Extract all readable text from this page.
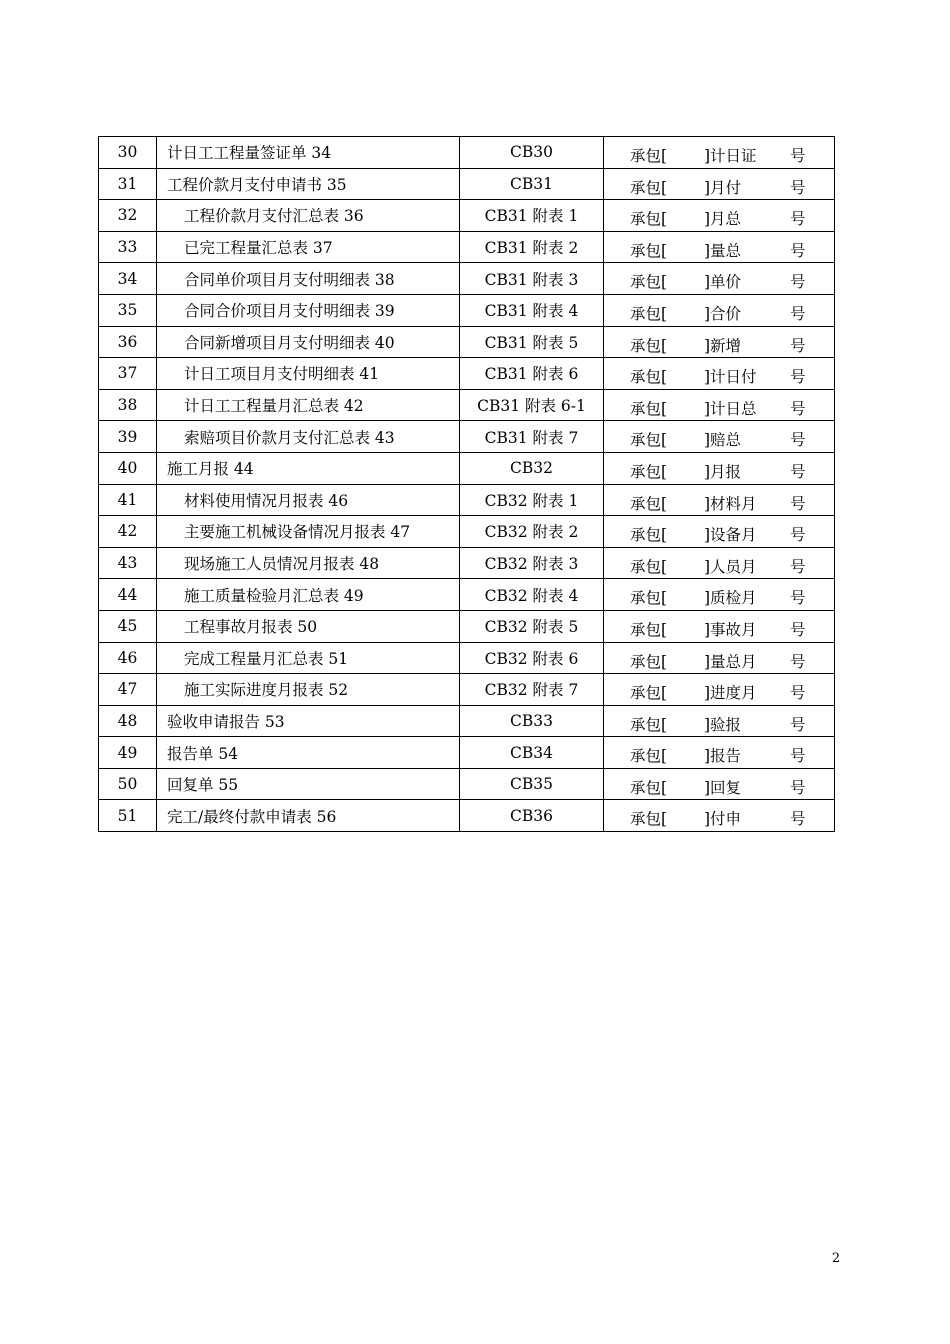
30	计日工工程量签证单 34	CB30	承包[ ]计日证 号

31	工程价款月支付申请书 35	CB31	承包[ ]月付 号

32	工程价款月支付汇总表 36	CB31 附表 1	承包[ ]月总 号

33	已完工程量汇总表 37	CB31 附表 2	承包[ ]量总 号

34	合同单价项目月支付明细表 38	CB31 附表 3	承包[ ]单价 号

35	合同合价项目月支付明细表 39	CB31 附表 4	承包[ ]合价 号

36	合同新增项目月支付明细表 40	CB31 附表 5	承包[ ]新增 号

37	计日工项目月支付明细表 41	CB31 附表 6	承包[ ]计日付 号

38	计日工工程量月汇总表 42	CB31 附表 6-1	承包[ ]计日总 号

39	索赔项目价款月支付汇总表 43	CB31 附表 7	承包[ ]赔总 号

40	施工月报 44	CB32	承包[ ]月报 号

41	材料使用情况月报表 46	CB32 附表 1	承包[ ]材料月 号

42	主要施工机械设备情况月报表 47	CB32 附表 2	承包[ ]设备月 号

43	现场施工人员情况月报表 48	CB32 附表 3	承包[ ]人员月 号

44	施工质量检验月汇总表 49	CB32 附表 4	承包[ ]质检月 号

45	工程事故月报表 50	CB32 附表 5	承包[ ]事故月 号

46	完成工程量月汇总表 51	CB32 附表 6	承包[ ]量总月 号

47	施工实际进度月报表 52	CB32 附表 7	承包[ ]进度月 号

48	验收申请报告 53	CB33	承包[ ]验报 号

49	报告单 54	CB34	承包[ ]报告 号

50	回复单 55	CB35	承包[ ]回复 号

51	完工/最终付款申请表 56	CB36	承包[ ]付申 号
2
